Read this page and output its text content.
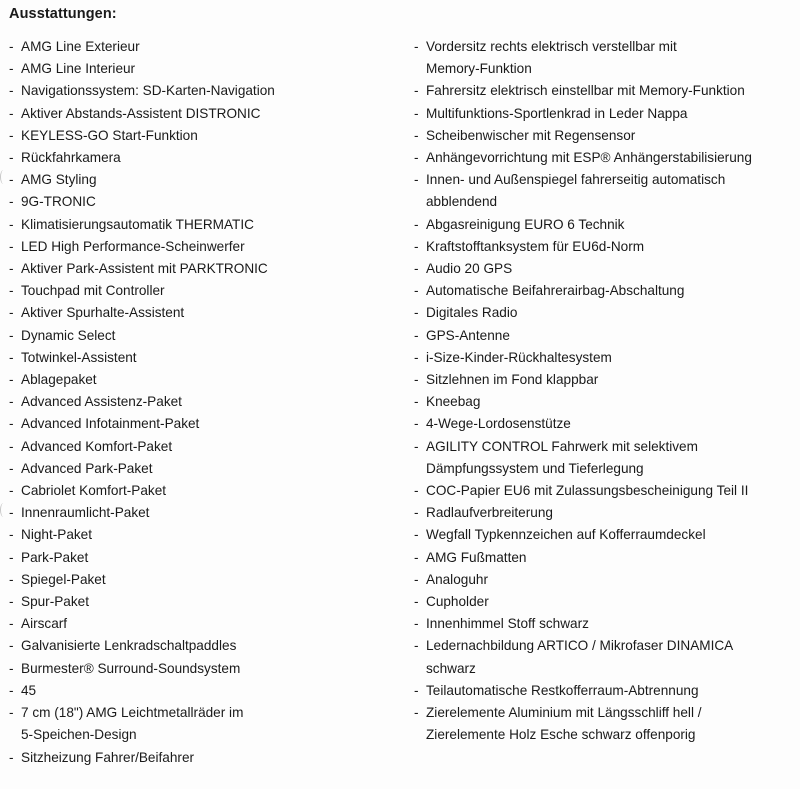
Ausstattungen:
- AMG Line Exterieur
- AMG Line Interieur
- Navigationssystem: SD-Karten-Navigation
- Aktiver Abstands-Assistent DISTRONIC
- KEYLESS-GO Start-Funktion
- Rückfahrkamera
- AMG Styling
- 9G-TRONIC
- Klimatisierungsautomatik THERMATIC
- LED High Performance-Scheinwerfer
- Aktiver Park-Assistent mit PARKTRONIC
- Touchpad mit Controller
- Aktiver Spurhalte-Assistent
- Dynamic Select
- Totwinkel-Assistent
- Ablagepaket
- Advanced Assistenz-Paket
- Advanced Infotainment-Paket
- Advanced Komfort-Paket
- Advanced Park-Paket
- Cabriolet Komfort-Paket
- Innenraumlicht-Paket
- Night-Paket
- Park-Paket
- Spiegel-Paket
- Spur-Paket
- Airscarf
- Galvanisierte Lenkradschaltpaddles
- Burmester® Surround-Soundsystem
- 45
- 7 cm (18") AMG Leichtmetallräder im
5-Speichen-Design
- Sitzheizung Fahrer/Beifahrer
- Vordersitz rechts elektrisch verstellbar mit
Memory-Funktion
- Fahrersitz elektrisch einstellbar mit Memory-Funktion
- Multifunktions-Sportlenkrad in Leder Nappa
- Scheibenwischer mit Regensensor
- Anhängevorrichtung mit ESP® Anhängerstabilisierung
- Innen- und Außenspiegel fahrerseitig automatisch
abblendend
- Abgasreinigung EURO 6 Technik
- Kraftstofftanksystem für EU6d-Norm
- Audio 20 GPS
- Automatische Beifahrerairbag-Abschaltung
- Digitales Radio
- GPS-Antenne
- i-Size-Kinder-Rückhaltesystem
- Sitzlehnen im Fond klappbar
- Kneebag
- 4-Wege-Lordosenstütze
- AGILITY CONTROL Fahrwerk mit selektivem
Dämpfungssystem und Tieferlegung
- COC-Papier EU6 mit Zulassungsbescheinigung Teil II
- Radlaufverbreiterung
- Wegfall Typkennzeichen auf Kofferraumdeckel
- AMG Fußmatten
- Analoguhr
- Cupholder
- Innenhimmel Stoff schwarz
- Ledernachbildung ARTICO / Mikrofaser DINAMICA
schwarz
- Teilautomatische Restkofferraum-Abtrennung
- Zierelemente Aluminium mit Längsschliff hell /
Zierelemente Holz Esche schwarz offenporig
